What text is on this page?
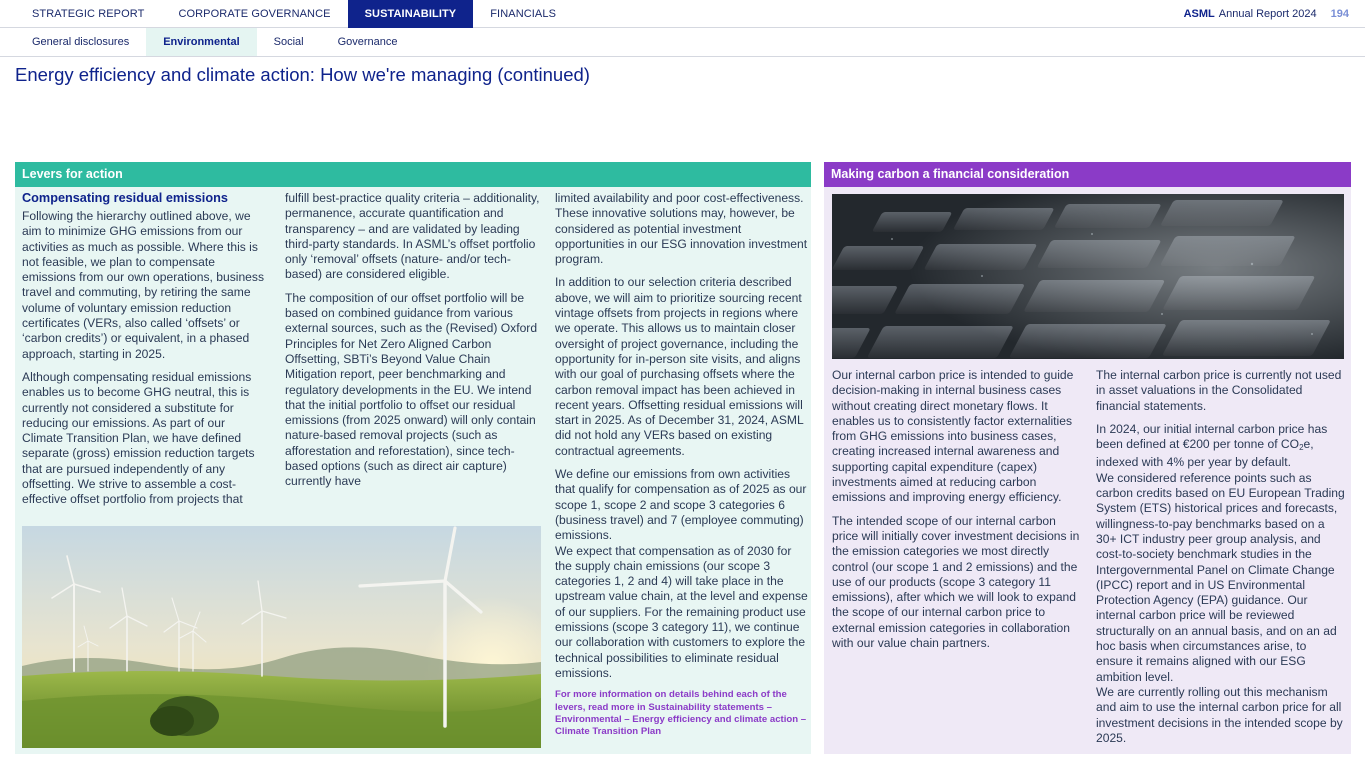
STRATEGIC REPORT	CORPORATE GOVERNANCE	SUSTAINABILITY	FINANCIALS	ASML Annual Report 2024 194
General disclosures	Environmental	Social	Governance
Energy efficiency and climate action: How we're managing (continued)
Levers for action
Compensating residual emissions

Following the hierarchy outlined above, we aim to minimize GHG emissions from our activities as much as possible. Where this is not feasible, we plan to compensate emissions from our own operations, business travel and commuting, by retiring the same volume of voluntary emission reduction certificates (VERs, also called ‘offsets’ or ‘carbon credits’) or equivalent, in a phased approach, starting in 2025.

Although compensating residual emissions enables us to become GHG neutral, this is currently not considered a substitute for reducing our emissions. As part of our Climate Transition Plan, we have defined separate (gross) emission reduction targets that are pursued independently of any offsetting. We strive to assemble a cost-effective offset portfolio from projects that

fulfill best-practice quality criteria – additionality, permanence, accurate quantification and transparency – and are validated by leading third-party standards. In ASML’s offset portfolio only ‘removal’ offsets (nature- and/or tech-based) are considered eligible.

The composition of our offset portfolio will be based on combined guidance from various external sources, such as the (Revised) Oxford Principles for Net Zero Aligned Carbon Offsetting, SBTi’s Beyond Value Chain Mitigation report, peer benchmarking and regulatory developments in the EU. We intend that the initial portfolio to offset our residual emissions (from 2025 onward) will only contain nature-based removal projects (such as afforestation and reforestation), since tech-based options (such as direct air capture) currently have

limited availability and poor cost-effectiveness. These innovative solutions may, however, be considered as potential investment opportunities in our ESG innovation investment program.

In addition to our selection criteria described above, we will aim to prioritize sourcing recent vintage offsets from projects in regions where we operate. This allows us to maintain closer oversight of project governance, including the opportunity for in-person site visits, and aligns with our goal of purchasing offsets where the carbon removal impact has been achieved in recent years. Offsetting residual emissions will start in 2025. As of December 31, 2024, ASML did not hold any VERs based on existing contractual agreements.

We define our emissions from own activities that qualify for compensation as of 2025 as our scope 1, scope 2 and scope 3 categories 6 (business travel) and 7 (employee commuting) emissions.

We expect that compensation as of 2030 for the supply chain emissions (our scope 3 categories 1, 2 and 4) will take place in the upstream value chain, at the level and expense of our suppliers. For the remaining product use emissions (scope 3 category 11), we continue our collaboration with customers to explore the technical possibilities to eliminate residual emissions.

For more information on details behind each of the levers, read more in Sustainability statements – Environmental – Energy efficiency and climate action – Climate Transition Plan
Making carbon a financial consideration

Our internal carbon price is intended to guide decision-making in internal business cases without creating direct monetary flows. It enables us to consistently factor externalities from GHG emissions into business cases, creating increased internal awareness and supporting capital expenditure (capex) investments aimed at reducing carbon emissions and improving energy efficiency.

The intended scope of our internal carbon price will initially cover investment decisions in the emission categories we most directly control (our scope 1 and 2 emissions) and the use of our products (scope 3 category 11 emissions), after which we will look to expand the scope of our internal carbon price to external emission categories in collaboration with our value chain partners.

The internal carbon price is currently not used in asset valuations in the Consolidated financial statements.

In 2024, our initial internal carbon price has been defined at €200 per tonne of $CO_2e$, indexed with 4% per year by default.

We considered reference points such as carbon credits based on EU European Trading System (ETS) historical prices and forecasts, willingness-to-pay benchmarks based on a 30+ ICT industry peer group analysis, and cost-to-society benchmark studies in the Intergovernmental Panel on Climate Change (IPCC) report and in US Environmental Protection Agency (EPA) guidance. Our internal carbon price will be reviewed structurally on an annual basis, and on an ad hoc basis when circumstances arise, to ensure it remains aligned with our ESG ambition level.

We are currently rolling out this mechanism and aim to use the internal carbon price for all investment decisions in the intended scope by 2025.
